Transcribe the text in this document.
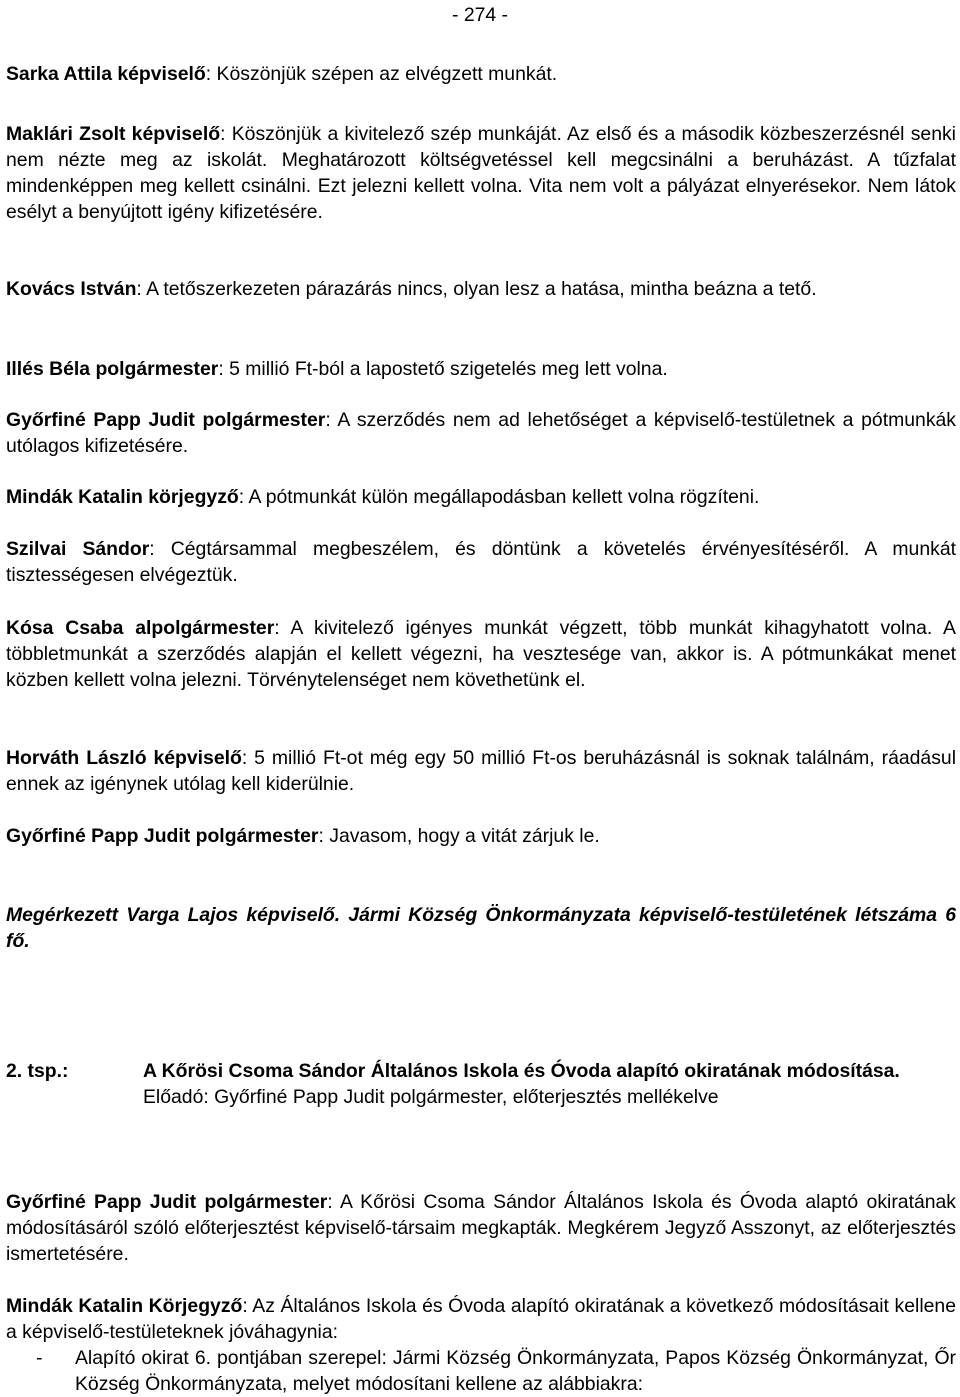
- 274 -

Sarka Attila képviselő: Köszönjük szépen az elvégzett munkát.

Maklári Zsolt képviselő: Köszönjük a kivitelező szép munkáját. Az első és a második közbeszerzésnél senki nem nézte meg az iskolát. Meghatározott költségvetéssel kell megcsinálni a beruházást. A tűzfalat mindenképpen meg kellett csinálni. Ezt jelezni kellett volna. Vita nem volt a pályázat elnyerésekor. Nem látok esélyt a benyújtott igény kifizetésére.

Kovács István: A tetőszerkezeten párazárás nincs, olyan lesz a hatása, mintha beázna a tető.

Illés Béla polgármester: 5 millió Ft-ból a lapostető szigetelés meg lett volna.

Győrfiné Papp Judit polgármester: A szerződés nem ad lehetőséget a képviselő-testületnek a pótmunkák utólagos kifizetésére.

Mindák Katalin körjegyző: A pótmunkát külön megállapodásban kellett volna rögzíteni.

Szilvai Sándor: Cégtársammal megbeszélem, és döntünk a követelés érvényesítéséről. A munkát tisztességesen elvégeztük.

Kósa Csaba alpolgármester: A kivitelező igényes munkát végzett, több munkát kihagyhatott volna. A többletmunkát a szerződés alapján el kellett végezni, ha vesztesége van, akkor is. A pótmunkákat menet közben kellett volna jelezni. Törvénytelenséget nem követhetünk el.

Horváth László képviselő: 5 millió Ft-ot még egy 50 millió Ft-os beruházásnál is soknak találnám, ráadásul ennek az igénynek utólag kell kiderülnie.

Győrfiné Papp Judit polgármester: Javasom, hogy a vitát zárjuk le.

Megérkezett Varga Lajos képviselő. Jármi Község Önkormányzata képviselő-testületének létszáma 6 fő.

2. tsp.:	A Kőrösi Csoma Sándor Általános Iskola és Óvoda alapító okiratának módosítása.
Előadó: Győrfiné Papp Judit polgármester, előterjesztés mellékelve

Győrfiné Papp Judit polgármester: A Kőrösi Csoma Sándor Általános Iskola és Óvoda alaptó okiratának módosításáról szóló előterjesztést képviselő-társaim megkapták. Megkérem Jegyző Asszonyt, az előterjesztés ismertetésére.

Mindák Katalin Körjegyző: Az Általános Iskola és Óvoda alapító okiratának a következő módosításait kellene a képviselő-testületeknek jóváhagynia:

- Alapító okirat 6. pontjában szerepel: Jármi Község Önkormányzata, Papos Község Önkormányzat, Őr Község Önkormányzata, melyet módosítani kellene az alábbiakra:
